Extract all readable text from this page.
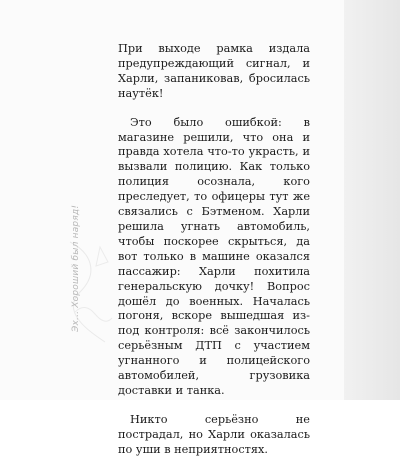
Эх... Хороший был наряд!

При выходе рамка издала предупреждающий сигнал, и Харли, запаниковав, бросилась наутёк!

Это было ошибкой: в магазине решили, что она и правда хотела что-то украсть, и вызвали полицию. Как только полиция осознала, кого преследует, то офицеры тут же связались с Бэтменом. Харли решила угнать автомобиль, чтобы поскорее скрыться, да вот только в машине оказался пассажир: Харли похитила генеральскую дочку! Вопрос дошёл до военных. Началась погоня, вскоре вышедшая из-под контроля: всё закончилось серьёзным ДТП с участием угнанного и полицейского автомобилей, грузовика доставки и танка.

Никто серьёзно не пострадал, но Харли оказалась по уши в неприятностях.
